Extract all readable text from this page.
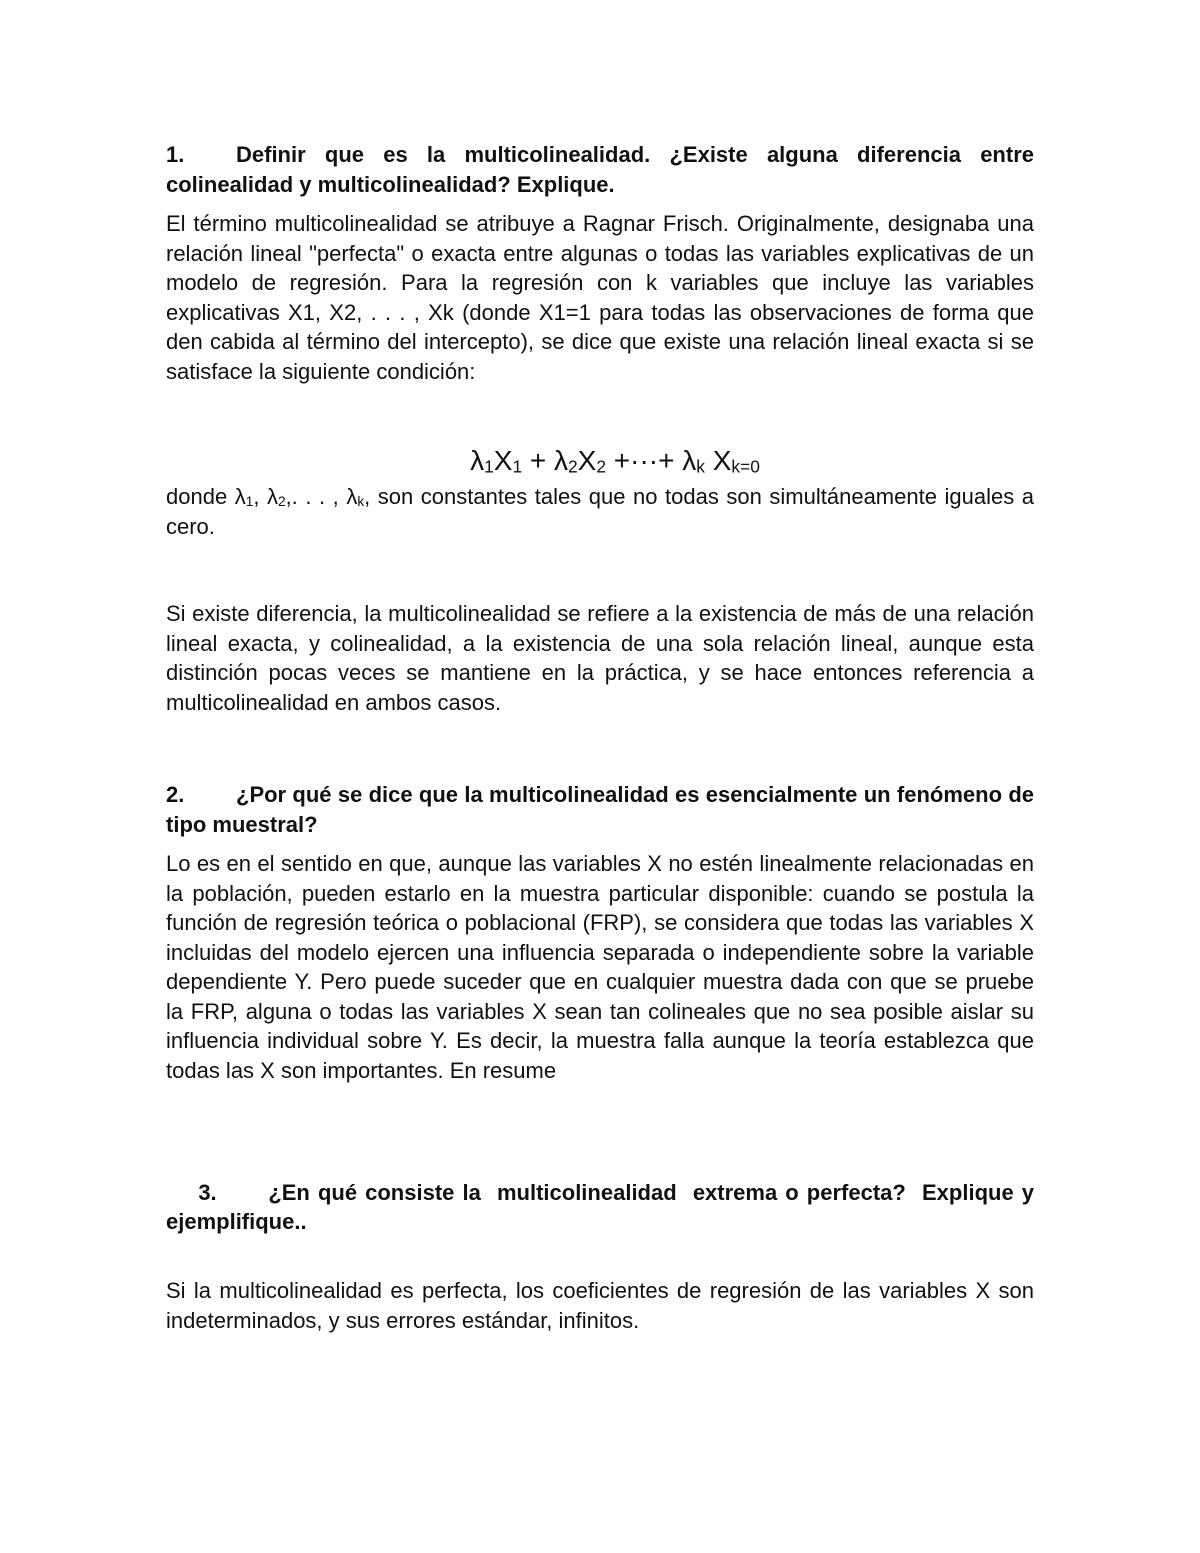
1. Definir que es la multicolinealidad. ¿Existe alguna diferencia entre colinealidad y multicolinealidad? Explique.

El término multicolinealidad se atribuye a Ragnar Frisch. Originalmente, designaba una relación lineal "perfecta" o exacta entre algunas o todas las variables explicativas de un modelo de regresión. Para la regresión con k variables que incluye las variables explicativas X1, X2, . . . , Xk (donde X1=1 para todas las observaciones de forma que den cabida al término del intercepto), se dice que existe una relación lineal exacta si se satisface la siguiente condición:

$\lambda_1X_1 + \lambda_2X_2$ +···+ $\lambda_k$ $X_{k=0}$

donde $\lambda_1$, $\lambda_2$,. . . , $\lambda_k$, son constantes tales que no todas son simultáneamente iguales a cero.

Si existe diferencia, la multicolinealidad se refiere a la existencia de más de una relación lineal exacta, y colinealidad, a la existencia de una sola relación lineal, aunque esta distinción pocas veces se mantiene en la práctica, y se hace entonces referencia a multicolinealidad en ambos casos.

2. ¿Por qué se dice que la multicolinealidad es esencialmente un fenómeno de tipo muestral?

Lo es en el sentido en que, aunque las variables X no estén linealmente relacionadas en la población, pueden estarlo en la muestra particular disponible: cuando se postula la función de regresión teórica o poblacional (FRP), se considera que todas las variables X incluidas del modelo ejercen una influencia separada o independiente sobre la variable dependiente Y. Pero puede suceder que en cualquier muestra dada con que se pruebe la FRP, alguna o todas las variables X sean tan colineales que no sea posible aislar su influencia individual sobre Y. Es decir, la muestra falla aunque la teoría establezca que todas las X son importantes. En resume

3. ¿En qué consiste la  multicolinealidad  extrema o perfecta?  Explique y ejemplifique..

Si la multicolinealidad es perfecta, los coeficientes de regresión de las variables X son indeterminados, y sus errores estándar, infinitos.
